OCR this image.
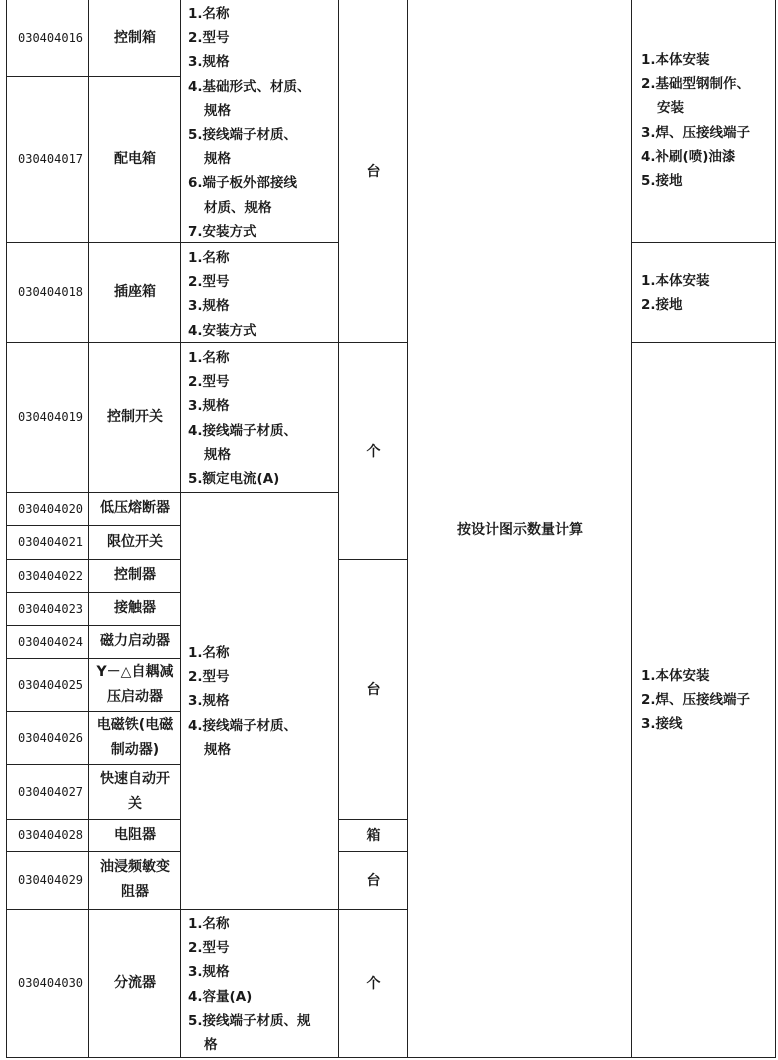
030404016
030404017
030404018
030404019
030404020
030404021
030404022
030404023
030404024
030404025
030404026
030404027
030404028
030404029
030404030
控制箱
配电箱
插座箱
控制开关
低压熔断器
限位开关
控制器
接触器
磁力启动器
Y－△自耦减压启动器
电磁铁(电磁制动器)
快速自动开关
电阻器
油浸频敏变阻器
分流器
1.名称
2.型号
3.规格
4.基础形式、材质、
规格
5.接线端子材质、
规格
6.端子板外部接线
材质、规格
7.安装方式
1.名称
2.型号
3.规格
4.安装方式
1.名称
2.型号
3.规格
4.接线端子材质、
规格
5.额定电流(A)
1.名称
2.型号
3.规格
4.接线端子材质、
规格
1.名称
2.型号
3.规格
4.容量(A)
5.接线端子材质、规
格
台
个
台
箱
台
个
按设计图示数量计算
1.本体安装
2.基础型钢制作、
安装
3.焊、压接线端子
4.补刷(喷)油漆
5.接地
1.本体安装
2.接地
1.本体安装
2.焊、压接线端子
3.接线
